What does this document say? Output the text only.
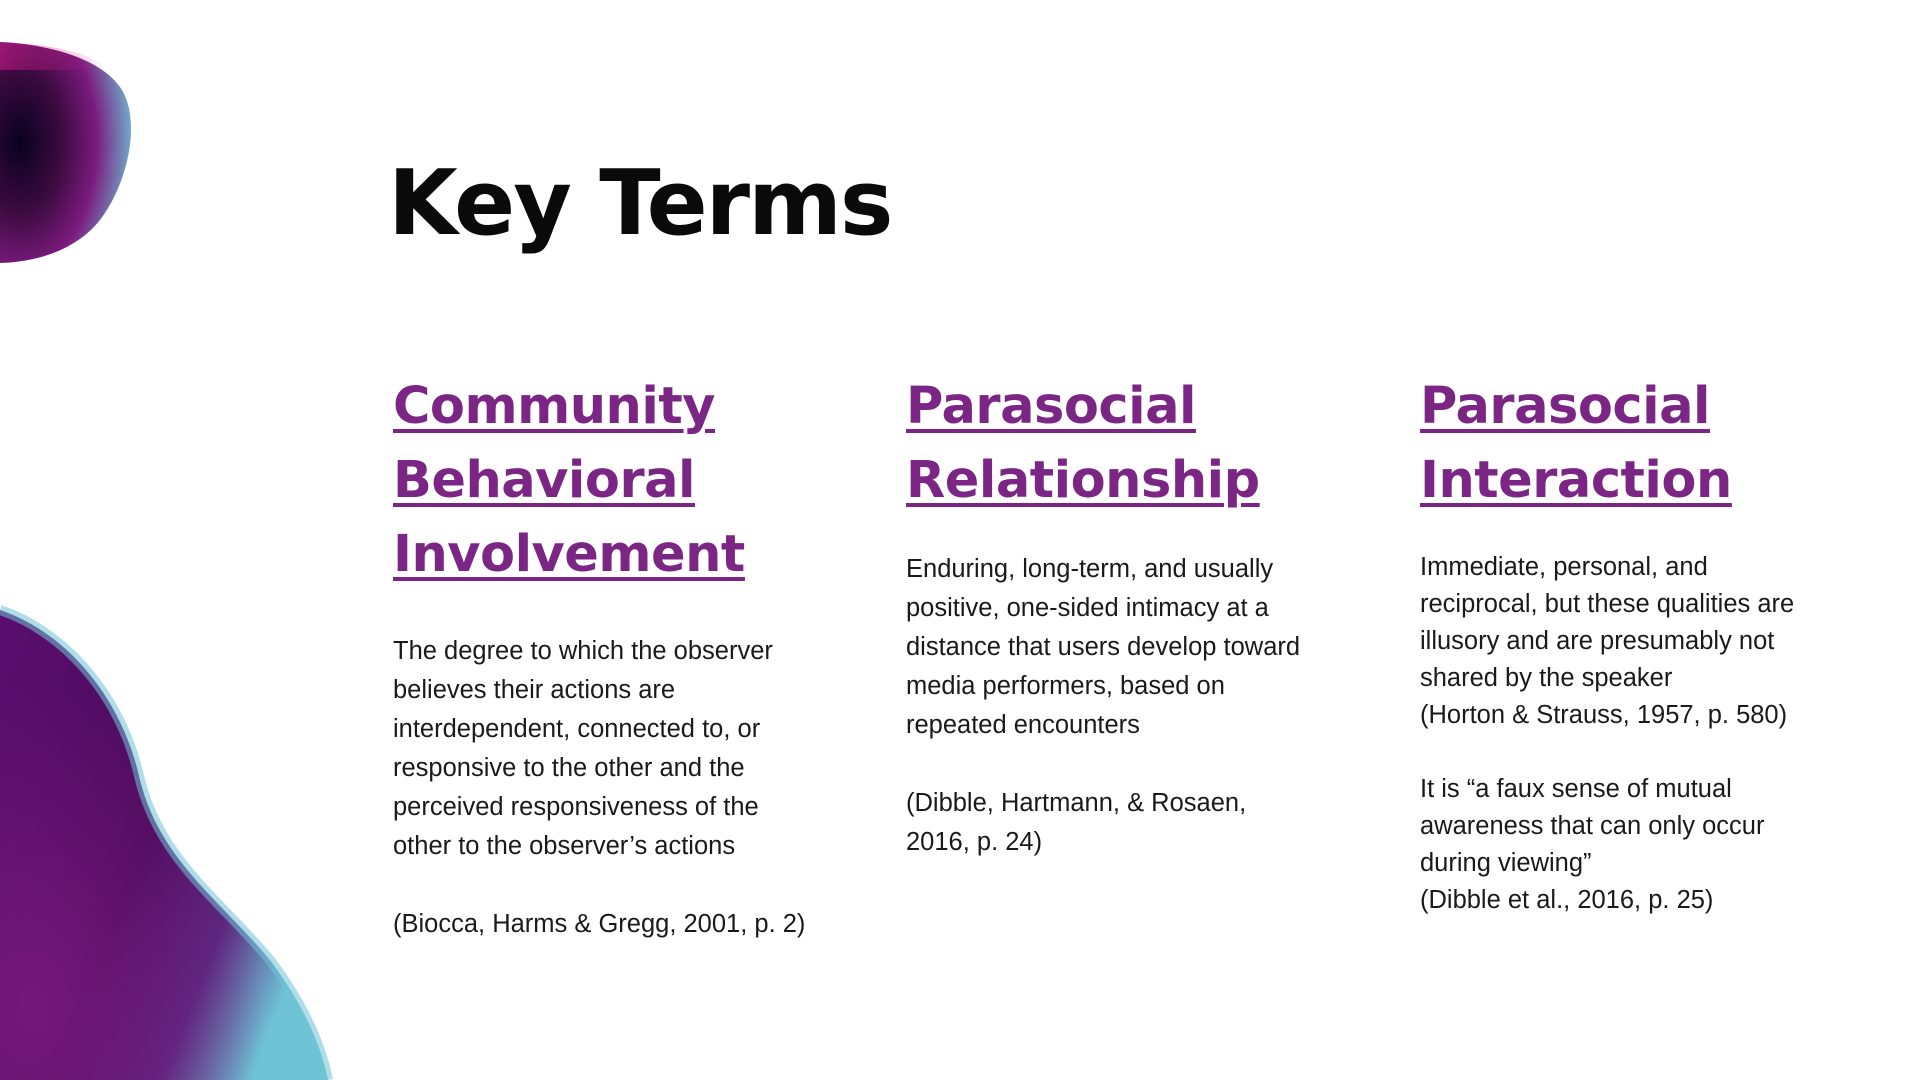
Key Terms
Community
Behavioral
Involvement

The degree to which the observer believes their actions are interdependent, connected to, or responsive to the other and the perceived responsiveness of the other to the observer’s actions

(Biocca, Harms & Gregg, 2001, p. 2)

Parasocial
Relationship

Enduring, long-term, and usually positive, one-sided intimacy at a distance that users develop toward media performers, based on repeated encounters

(Dibble, Hartmann, & Rosaen,
2016, p. 24)

Parasocial
Interaction

Immediate, personal, and reciprocal, but these qualities are illusory and are presumably not shared by the speaker

(Horton & Strauss, 1957, p. 580)

It is “a faux sense of mutual awareness that can only occur during viewing”

(Dibble et al., 2016, p. 25)
